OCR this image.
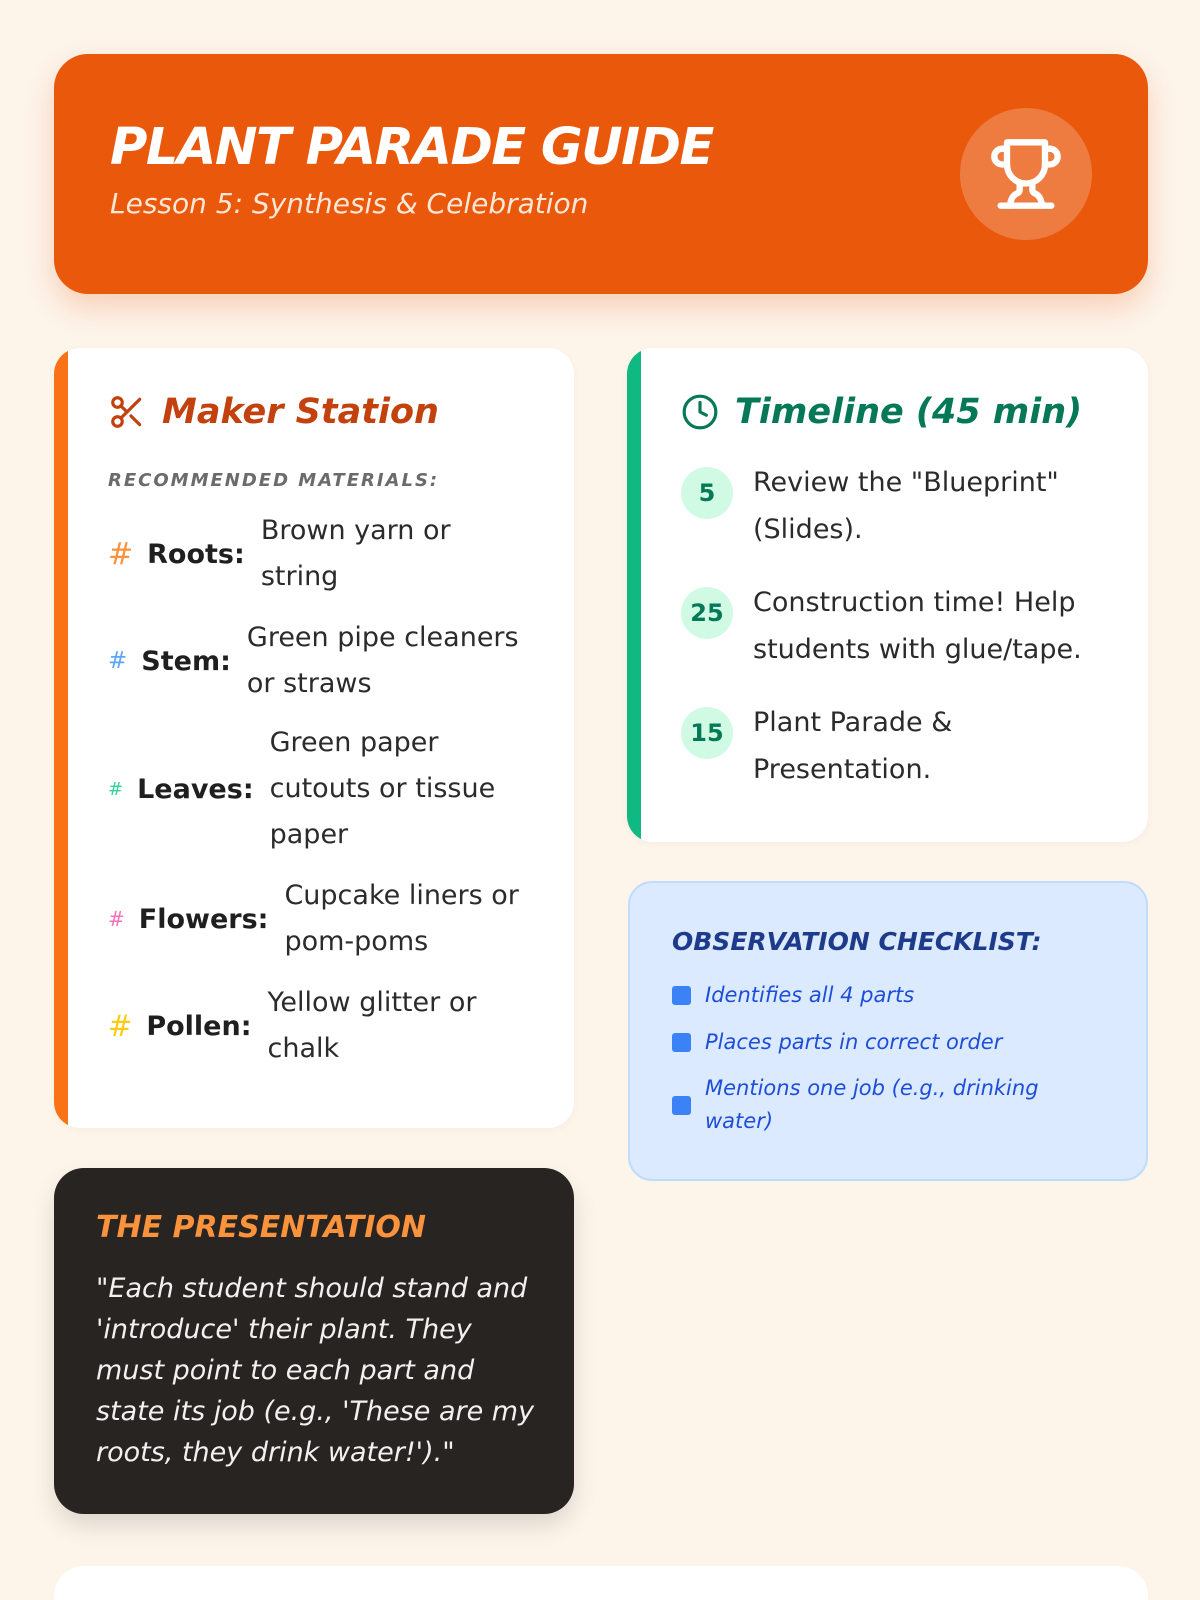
PLANT PARADE GUIDE
Lesson 5: Synthesis & Celebration
Maker Station
RECOMMENDED MATERIALS:
# Roots:
Brown yarn or string
# Stem:
Green pipe cleaners or straws
# Leaves:
Green paper cutouts or tissue paper
# Flowers:
Cupcake liners or pom-poms
# Pollen:
Yellow glitter or chalk
Timeline (45 min)
5	Review the "Blueprint" (Slides).
25	Construction time! Help students with glue/tape.
15	Plant Parade & Presentation.
OBSERVATION CHECKLIST:
Identifies all 4 parts
Places parts in correct order
Mentions one job (e.g., drinking water)
THE PRESENTATION
"Each student should stand and 'introduce' their plant. They must point to each part and state its job (e.g., 'These are my roots, they drink water!')."
